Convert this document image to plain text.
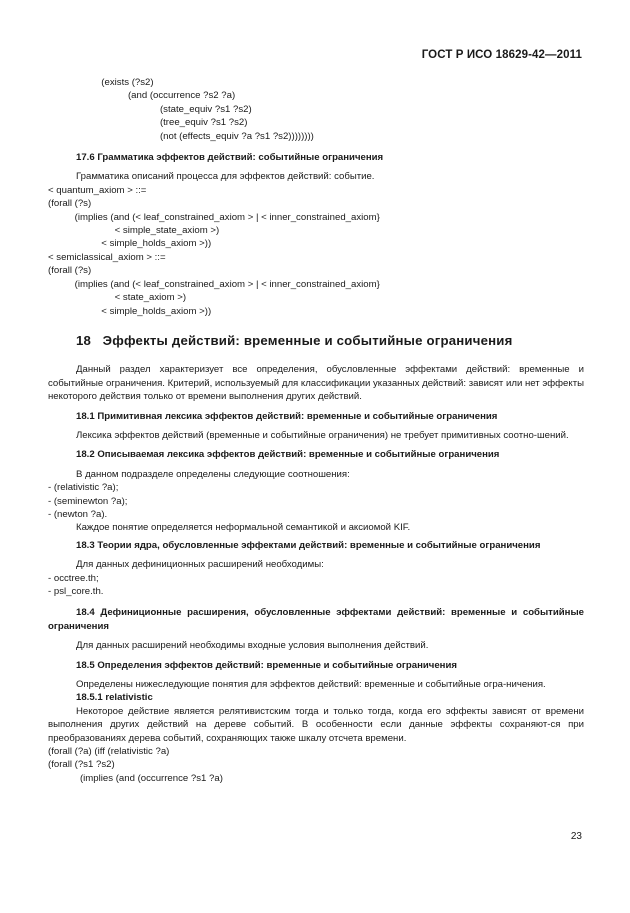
ГОСТ Р ИСО 18629-42—2011
(exists (?s2)
(and (occurrence ?s2 ?a)
(state_equiv ?s1 ?s2)
(tree_equiv ?s1 ?s2)
(not (effects_equiv ?a ?s1 ?s2))))))))

17.6 Грамматика эффектов действий: событийные ограничения

Грамматика описаний процесса для эффектов действий: событие.

< quantum_axiom > ::=
(forall (?s)
(implies (and (< leaf_constrained_axiom > | < inner_constrained_axiom}
< simple_state_axiom >)
< simple_holds_axiom >))
< semiclassical_axiom > ::=
(forall (?s)
(implies (and (< leaf_constrained_axiom > | < inner_constrained_axiom}
< state_axiom >)
< simple_holds_axiom >))

18 Эффекты действий: временные и событийные ограничения

Данный раздел характеризует все определения, обусловленные эффектами действий: временные и событийные ограничения. Критерий, используемый для классификации указанных действий: зависят или нет эффекты некоторого действия только от времени выполнения других действий.

18.1 Примитивная лексика эффектов действий: временные и событийные ограничения

Лексика эффектов действий (временные и событийные ограничения) не требует примитивных соотно-шений.

18.2 Описываемая лексика эффектов действий: временные и событийные ограничения

В данном подразделе определены следующие соотношения:

- (relativistic ?a);
- (seminewton ?a);
- (newton ?a).

Каждое понятие определяется неформальной семантикой и аксиомой KIF.

18.3 Теории ядра, обусловленные эффектами действий: временные и событийные ограничения

Для данных дефиниционных расширений необходимы:

- occtree.th;
- psl_core.th.

18.4 Дефиниционные расширения, обусловленные эффектами действий: временные и событийные ограничения

Для данных расширений необходимы входные условия выполнения действий.

18.5 Определения эффектов действий: временные и событийные ограничения

Определены нижеследующие понятия для эффектов действий: временные и событийные огра-ничения.

18.5.1 relativistic

Некоторое действие является релятивистским тогда и только тогда, когда его эффекты зависят от времени выполнения других действий на дереве событий. В особенности если данные эффекты сохраняют-ся при преобразованиях дерева событий, сохраняющих также шкалу отсчета времени.

(forall (?a) (iff (relativistic ?a)
(forall (?s1 ?s2)
(implies (and (occurrence ?s1 ?a)
23
